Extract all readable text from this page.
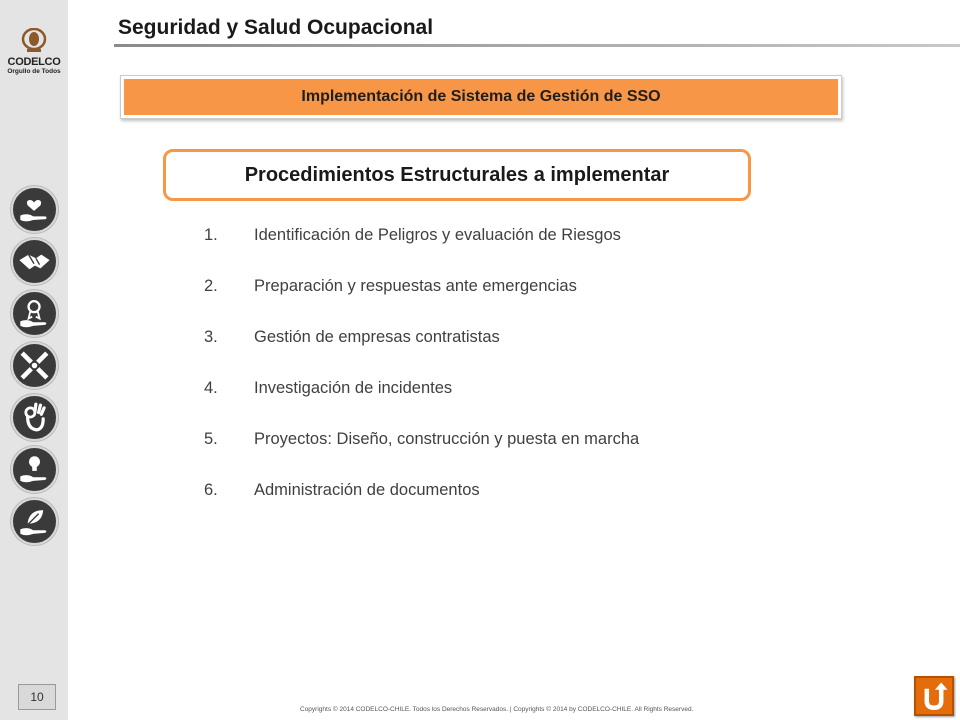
CODELCO
Orgullo de Todos
10
Seguridad y Salud Ocupacional
Implementación de Sistema de Gestión de SSO
Procedimientos Estructurales a implementar
1.	Identificación de Peligros y evaluación de Riesgos
2.	Preparación y respuestas ante emergencias
3.	Gestión de empresas contratistas
4.	Investigación de incidentes
5.	Proyectos: Diseño, construcción y puesta en marcha
6.	Administración de documentos
Copyrights © 2014 CODELCO-CHILE. Todos los Derechos Reservados. | Copyrights © 2014 by CODELCO-CHILE. All Rights Reserved.
